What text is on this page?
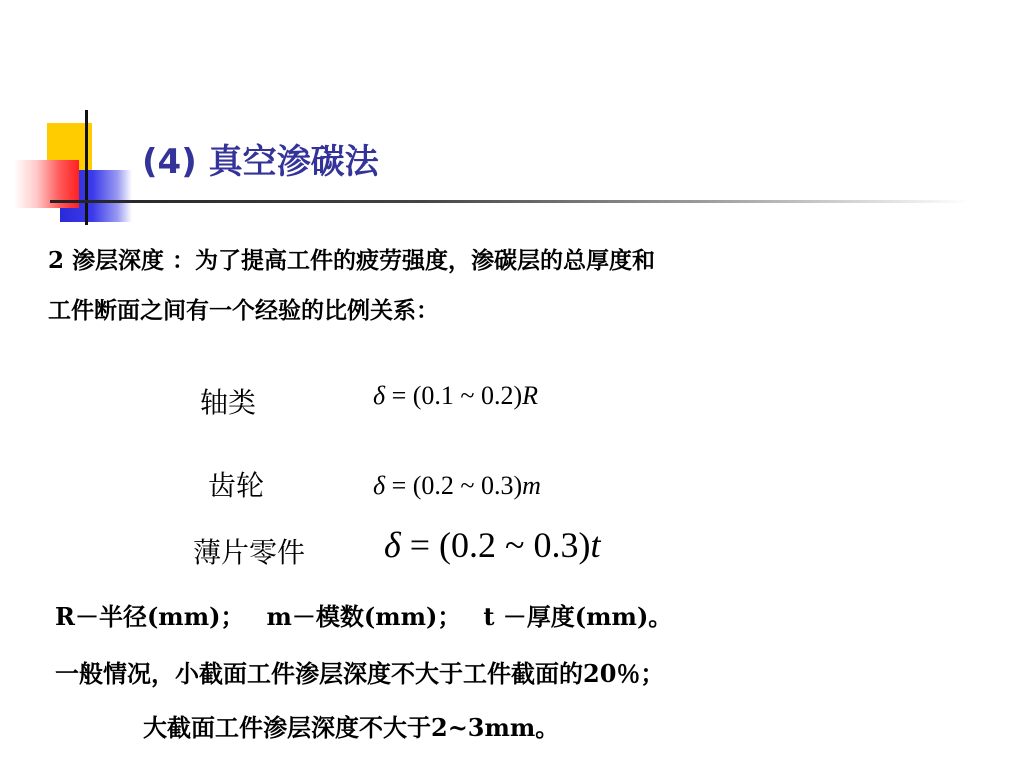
(4) 真空渗碳法

2 渗层深度 ：为了提高工件的疲劳强度，渗碳层的总厚度和

工件断面之间有一个经验的比例关系：

轴类	δ = (0.1 ~ 0.2)R
齿轮	δ = (0.2 ~ 0.3)m
薄片零件 δ = (0.2 ~ 0.3)t

R－半径(mm)； m－模数(mm)； t －厚度(mm)。

一般情况，小截面工件渗层深度不大于工件截面的20％；

大截面工件渗层深度不大于2~3mm。
